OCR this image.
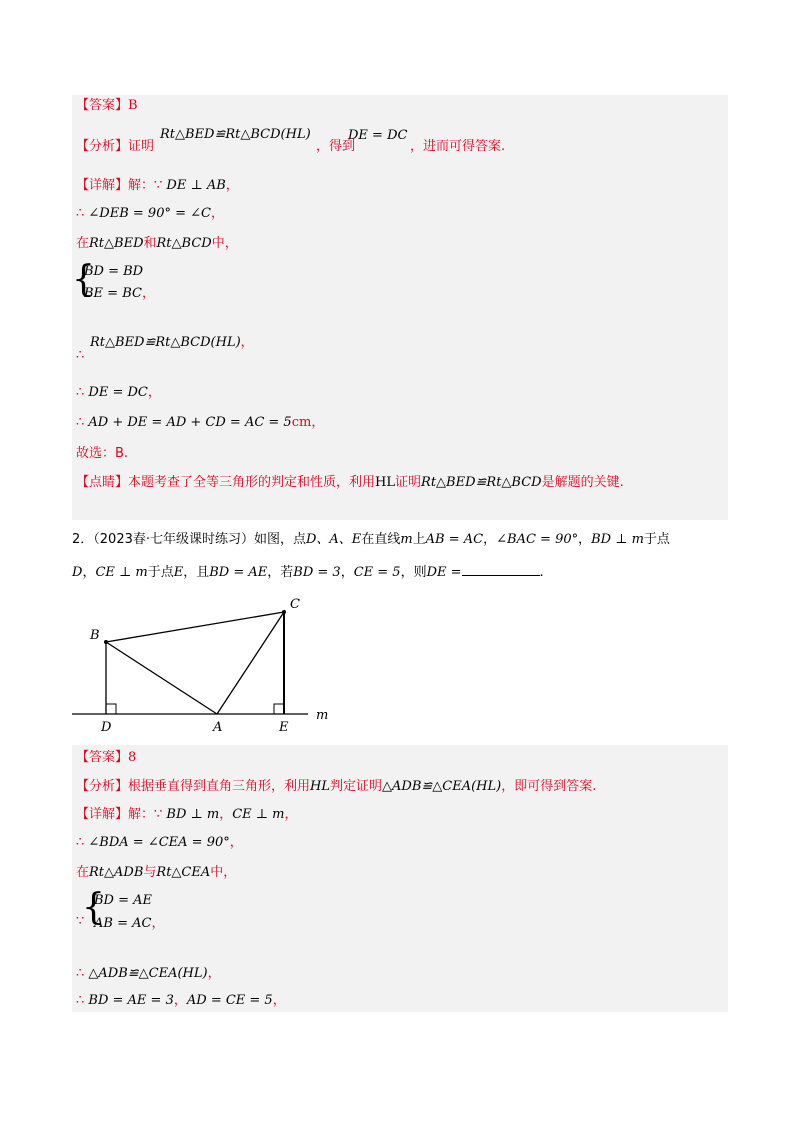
【答案】B
【分析】证明
Rt△BED≌Rt△BCD(HL)
，得到
DE = DC
，进而可得答案.
【详解】解：∵ DE ⊥ AB，
∴ ∠DEB = 90° = ∠C，
在Rt△BED和Rt△BCD中，
{
BD = BD
BE = BC，
∴
Rt△BED≌Rt△BCD(HL)，
∴ DE = DC，
∴ AD + DE = AD + CD = AC = 5cm，
故选：B.
【点睛】本题考查了全等三角形的判定和性质，利用HL证明Rt△BED≌Rt△BCD是解题的关键.
2．（2023春·七年级课时练习）如图，点D、A、E在直线m上AB = AC，∠BAC = 90°，BD ⊥ m于点
D，CE ⊥ m于点E，且BD = AE，若BD = 3，CE = 5，则DE =	.
B
C
D	A	E
m
【答案】8
【分析】根据垂直得到直角三角形，利用HL判定证明△ADB≌△CEA(HL)，即可得到答案.
【详解】解：∵ BD ⊥ m，CE ⊥ m，
∴ ∠BDA = ∠CEA = 90°，
在Rt△ADB与Rt△CEA中，
∵
{
BD = AE
AB = AC，
∴ △ADB≌△CEA(HL)，
∴ BD = AE = 3，AD = CE = 5，
